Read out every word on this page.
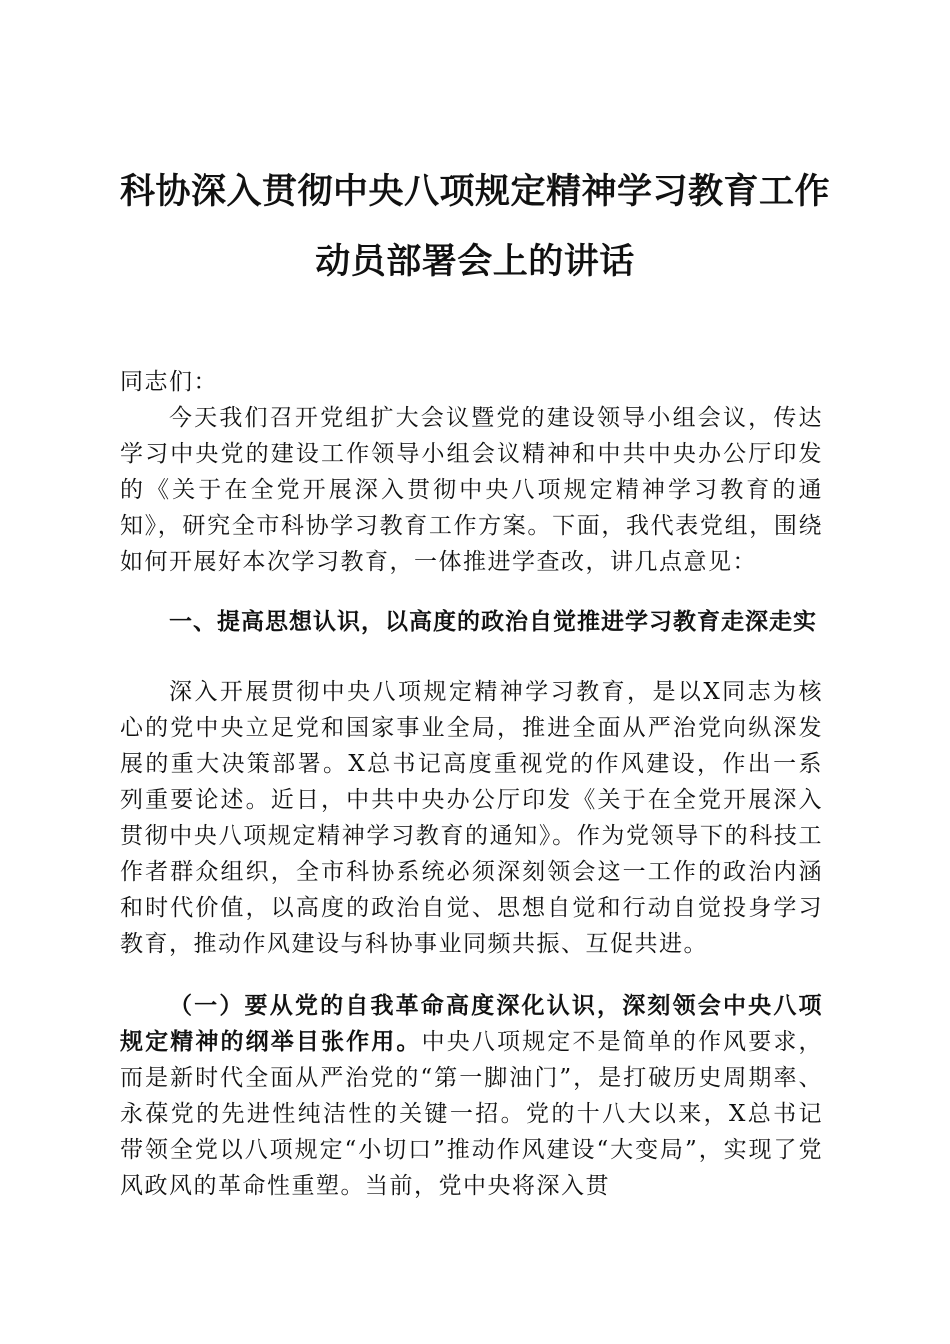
科协深入贯彻中央八项规定精神学习教育工作
动员部署会上的讲话

同志们：

今天我们召开党组扩大会议暨党的建设领导小组会议，传达学习中央党的建设工作领导小组会议精神和中共中央办公厅印发的《关于在全党开展深入贯彻中央八项规定精神学习教育的通知》，研究全市科协学习教育工作方案。下面，我代表党组，围绕如何开展好本次学习教育，一体推进学查改，讲几点意见：

一、提高思想认识，以高度的政治自觉推进学习教育走深走实

深入开展贯彻中央八项规定精神学习教育，是以X同志为核心的党中央立足党和国家事业全局，推进全面从严治党向纵深发展的重大决策部署。X总书记高度重视党的作风建设，作出一系列重要论述。近日，中共中央办公厅印发《关于在全党开展深入贯彻中央八项规定精神学习教育的通知》。作为党领导下的科技工作者群众组织，全市科协系统必须深刻领会这一工作的政治内涵和时代价值，以高度的政治自觉、思想自觉和行动自觉投身学习教育，推动作风建设与科协事业同频共振、互促共进。

（一）要从党的自我革命高度深化认识，深刻领会中央八项规定精神的纲举目张作用。中央八项规定不是简单的作风要求，而是新时代全面从严治党的“第一脚油门”，是打破历史周期率、永葆党的先进性纯洁性的关键一招。党的十八大以来，X总书记带领全党以八项规定“小切口”推动作风建设“大变局”，实现了党风政风的革命性重塑。当前，党中央将深入贯
